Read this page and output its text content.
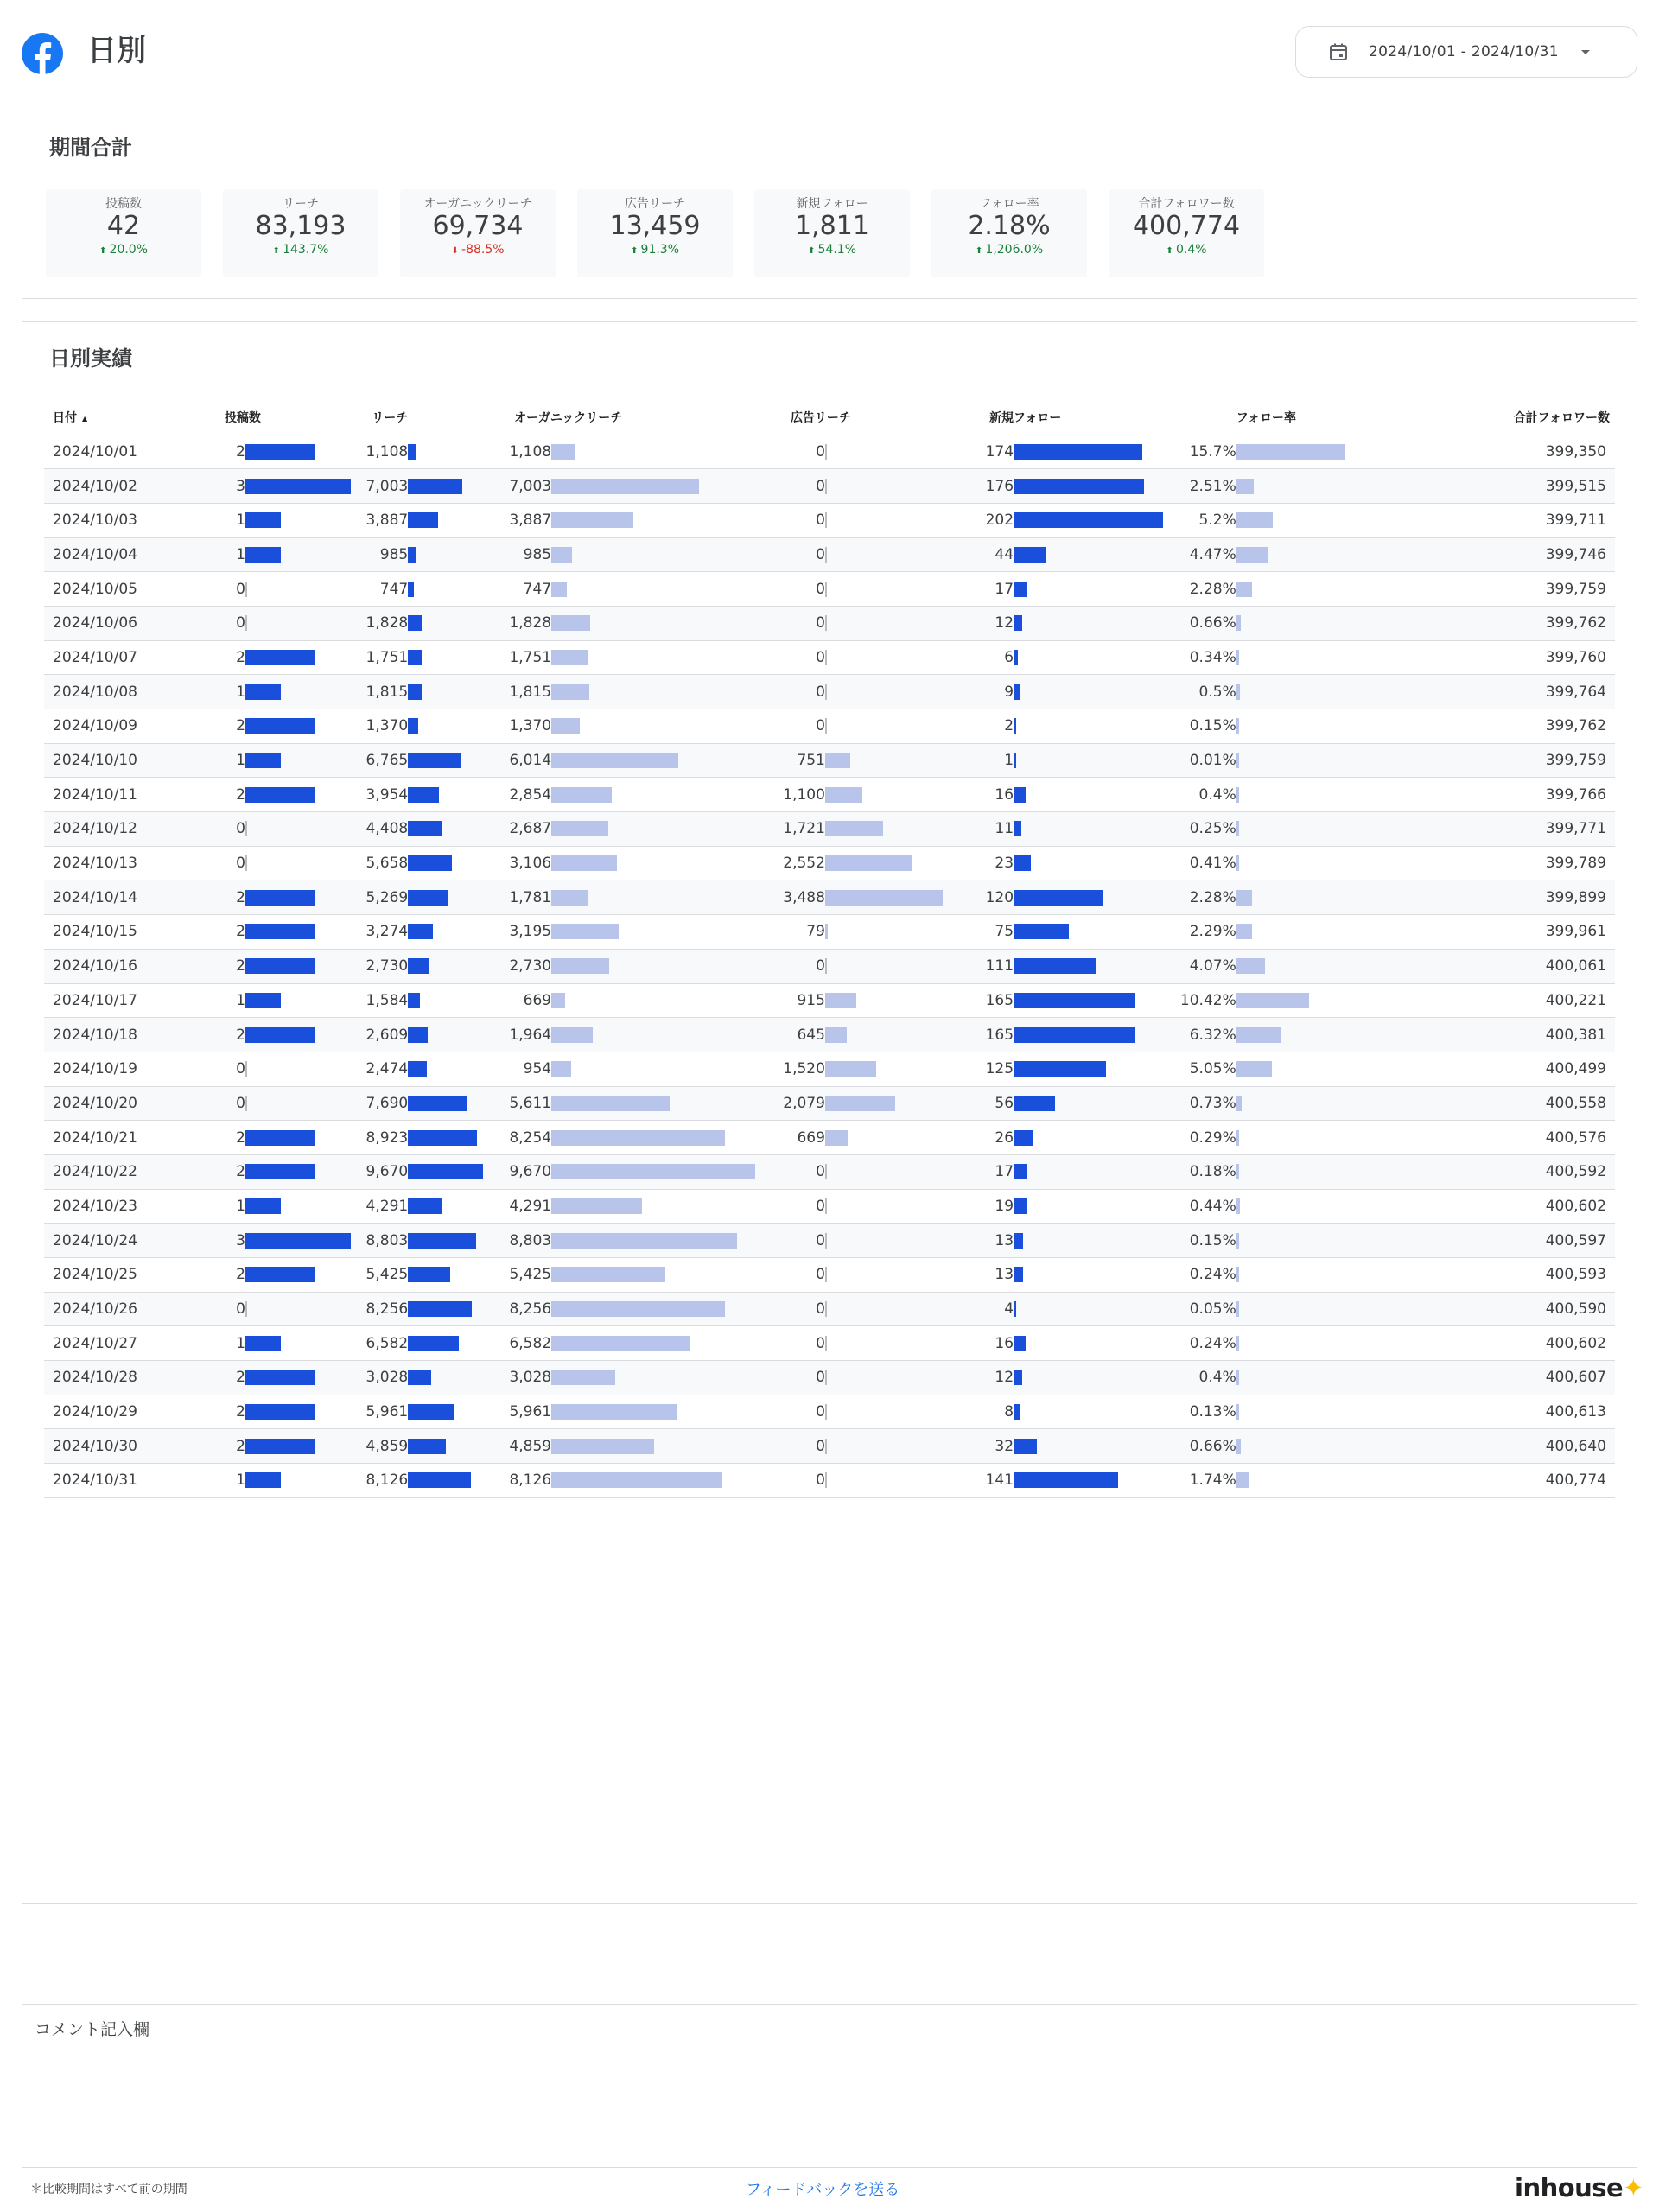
日別	2024/10/01 - 2024/10/31
期間合計
投稿数
42
⬆ 20.0%
リーチ
83,193
⬆ 143.7%
オーガニックリーチ
69,734
⬇ -88.5%
広告リーチ
13,459
⬆ 91.3%
新規フォロー
1,811
⬆ 54.1%
フォロー率
2.18%
⬆ 1,206.0%
合計フォロワー数
400,774
⬆ 0.4%
日別実績
日付 ▲	投稿数	リーチ	オーガニックリーチ	広告リーチ	新規フォロー	フォロー率	合計フォロワー数
2024/10/01	2	1,108	1,108	0	174	15.7%	399,350
2024/10/02	3	7,003	7,003	0	176	2.51%	399,515
2024/10/03	1	3,887	3,887	0	202	5.2%	399,711
2024/10/04	1	985	985	0	44	4.47%	399,746
2024/10/05	0	747	747	0	17	2.28%	399,759
2024/10/06	0	1,828	1,828	0	12	0.66%	399,762
2024/10/07	2	1,751	1,751	0	6	0.34%	399,760
2024/10/08	1	1,815	1,815	0	9	0.5%	399,764
2024/10/09	2	1,370	1,370	0	2	0.15%	399,762
2024/10/10	1	6,765	6,014	751	1	0.01%	399,759
2024/10/11	2	3,954	2,854	1,100	16	0.4%	399,766
2024/10/12	0	4,408	2,687	1,721	11	0.25%	399,771
2024/10/13	0	5,658	3,106	2,552	23	0.41%	399,789
2024/10/14	2	5,269	1,781	3,488	120	2.28%	399,899
2024/10/15	2	3,274	3,195	79	75	2.29%	399,961
2024/10/16	2	2,730	2,730	0	111	4.07%	400,061
2024/10/17	1	1,584	669	915	165	10.42%	400,221
2024/10/18	2	2,609	1,964	645	165	6.32%	400,381
2024/10/19	0	2,474	954	1,520	125	5.05%	400,499
2024/10/20	0	7,690	5,611	2,079	56	0.73%	400,558
2024/10/21	2	8,923	8,254	669	26	0.29%	400,576
2024/10/22	2	9,670	9,670	0	17	0.18%	400,592
2024/10/23	1	4,291	4,291	0	19	0.44%	400,602
2024/10/24	3	8,803	8,803	0	13	0.15%	400,597
2024/10/25	2	5,425	5,425	0	13	0.24%	400,593
2024/10/26	0	8,256	8,256	0	4	0.05%	400,590
2024/10/27	1	6,582	6,582	0	16	0.24%	400,602
2024/10/28	2	3,028	3,028	0	12	0.4%	400,607
2024/10/29	2	5,961	5,961	0	8	0.13%	400,613
2024/10/30	2	4,859	4,859	0	32	0.66%	400,640
2024/10/31	1	8,126	8,126	0	141	1.74%	400,774
コメント記入欄
＊比較期間はすべて前の期間	フィードバックを送る	inhouse✦
